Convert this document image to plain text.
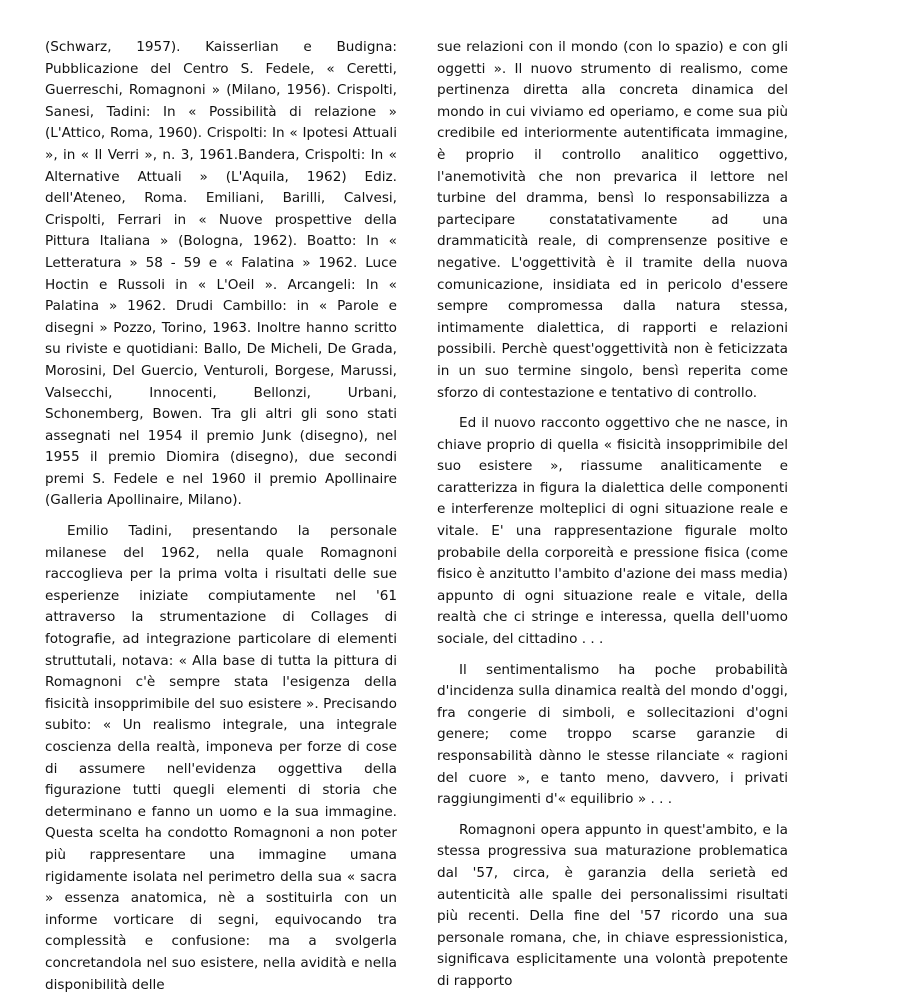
(Schwarz, 1957). Kaisserlian e Budigna: Pubblicazione del Centro S. Fedele, « Ceretti, Guerreschi, Romagnoni » (Milano, 1956). Crispolti, Sanesi, Tadini: In « Possibilità di relazione » (L'Attico, Roma, 1960). Crispolti: In « Ipotesi Attuali », in « Il Verri », n. 3, 1961.Bandera, Crispolti: In « Alternative Attuali » (L'Aquila, 1962) Ediz. dell'Ateneo, Roma. Emiliani, Barilli, Calvesi, Crispolti, Ferrari in « Nuove prospettive della Pittura Italiana » (Bologna, 1962). Boatto: In « Letteratura » 58 - 59 e « Falatina » 1962. Luce Hoctin e Russoli in « L'Oeil ». Arcangeli: In « Palatina » 1962. Drudi Cambillo: in « Parole e disegni » Pozzo, Torino, 1963. Inoltre hanno scritto su riviste e quotidiani: Ballo, De Micheli, De Grada, Morosini, Del Guercio, Venturoli, Borgese, Marussi, Valsecchi, Innocenti, Bellonzi, Urbani, Schonemberg, Bowen. Tra gli altri gli sono stati assegnati nel 1954 il premio Junk (disegno), nel 1955 il premio Diomira (disegno), due secondi premi S. Fedele e nel 1960 il premio Apollinaire (Galleria Apollinaire, Milano).

Emilio Tadini, presentando la personale milanese del 1962, nella quale Romagnoni raccoglieva per la prima volta i risultati delle sue esperienze iniziate compiutamente nel '61 attraverso la strumentazione di Collages di fotografie, ad integrazione particolare di elementi struttutali, notava: « Alla base di tutta la pittura di Romagnoni c'è sempre stata l'esigenza della fisicità insopprimibile del suo esistere ». Precisando subito: « Un realismo integrale, una integrale coscienza della realtà, imponeva per forze di cose di assumere nell'evidenza oggettiva della figurazione tutti quegli elementi di storia che determinano e fanno un uomo e la sua immagine. Questa scelta ha condotto Romagnoni a non poter più rappresentare una immagine umana rigidamente isolata nel perimetro della sua « sacra » essenza anatomica, nè a sostituirla con un informe vorticare di segni, equivocando tra complessità e confusione: ma a svolgerla concretandola nel suo esistere, nella avidità e nella disponibilità delle

sue relazioni con il mondo (con lo spazio) e con gli oggetti ». Il nuovo strumento di realismo, come pertinenza diretta alla concreta dinamica del mondo in cui viviamo ed operiamo, e come sua più credibile ed interiormente autentificata immagine, è proprio il controllo analitico oggettivo, l'anemotività che non prevarica il lettore nel turbine del dramma, bensì lo responsabilizza a partecipare constatativamente ad una drammaticità reale, di comprensenze positive e negative. L'oggettività è il tramite della nuova comunicazione, insidiata ed in pericolo d'essere sempre compromessa dalla natura stessa, intimamente dialettica, di rapporti e relazioni possibili. Perchè quest'oggettività non è feticizzata in un suo termine singolo, bensì reperita come sforzo di contestazione e tentativo di controllo.

Ed il nuovo racconto oggettivo che ne nasce, in chiave proprio di quella « fisicità insopprimibile del suo esistere », riassume analiticamente e caratterizza in figura la dialettica delle componenti e interferenze molteplici di ogni situazione reale e vitale. E' una rappresentazione figurale molto probabile della corporeità e pressione fisica (come fisico è anzitutto l'ambito d'azione dei mass media) appunto di ogni situazione reale e vitale, della realtà che ci stringe e interessa, quella dell'uomo sociale, del cittadino . . .

Il sentimentalismo ha poche probabilità d'incidenza sulla dinamica realtà del mondo d'oggi, fra congerie di simboli, e sollecitazioni d'ogni genere; come troppo scarse garanzie di responsabilità dànno le stesse rilanciate « ragioni del cuore », e tanto meno, davvero, i privati raggiungimenti d'« equilibrio » . . .

Romagnoni opera appunto in quest'ambito, e la stessa progressiva sua maturazione problematica dal '57, circa, è garanzia della serietà ed autenticità alle spalle dei personalissimi risultati più recenti. Della fine del '57 ricordo una sua personale romana, che, in chiave espressionistica, significava esplicitamente una volontà prepotente di rapporto
